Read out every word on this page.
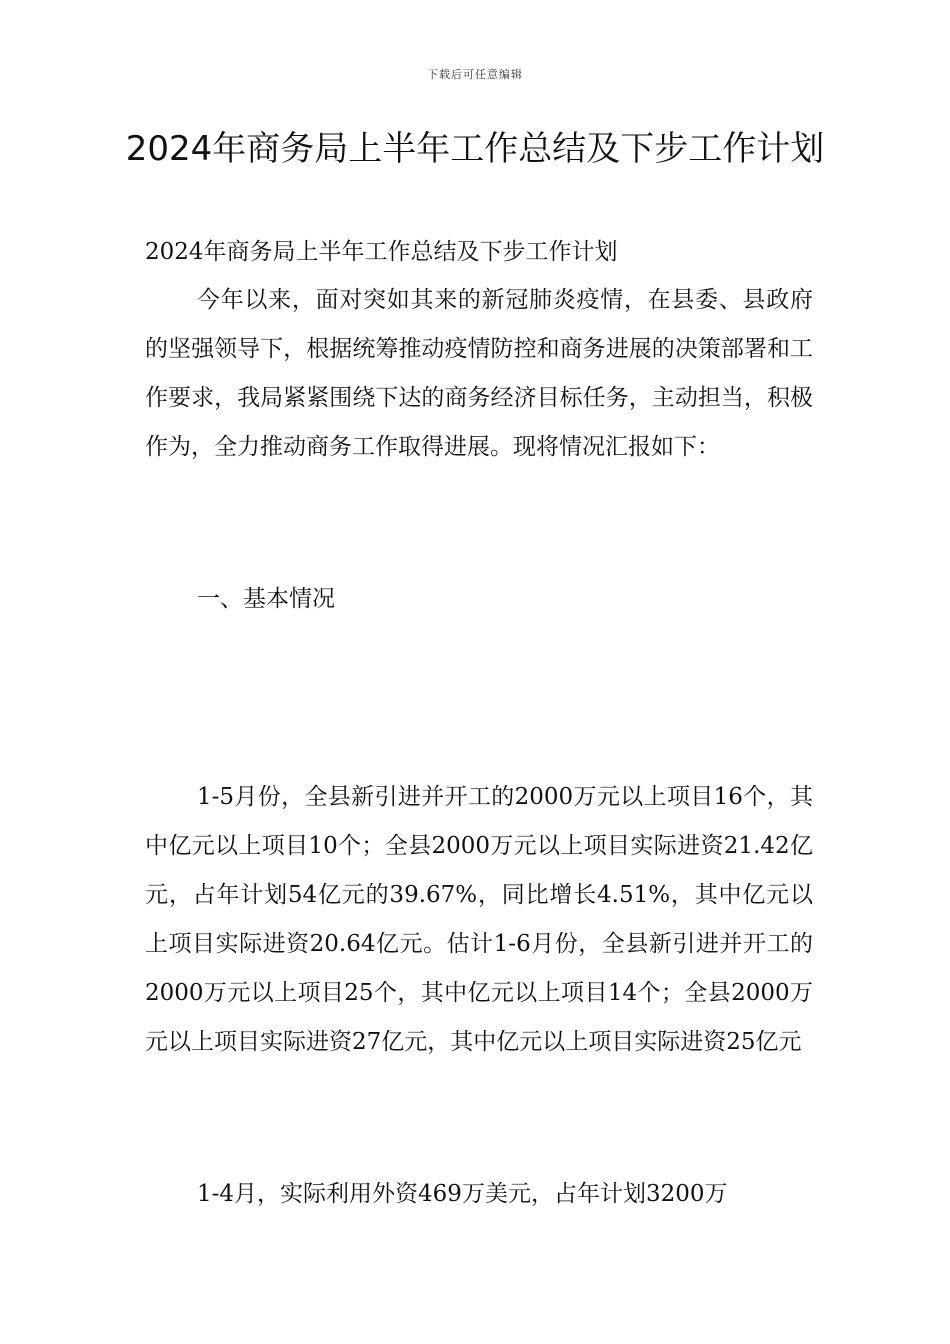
下载后可任意编辑
2024年商务局上半年工作总结及下步工作计划

2024年商务局上半年工作总结及下步工作计划

今年以来，面对突如其来的新冠肺炎疫情，在县委、县政府的坚强领导下，根据统筹推动疫情防控和商务进展的决策部署和工作要求，我局紧紧围绕下达的商务经济目标任务，主动担当，积极作为，全力推动商务工作取得进展。现将情况汇报如下：

一、基本情况

1-5月份，全县新引进并开工的2000万元以上项目16个，其中亿元以上项目10个；全县2000万元以上项目实际进资21.42亿元，占年计划54亿元的39.67%，同比增长4.51%，其中亿元以上项目实际进资20.64亿元。估计1-6月份，全县新引进并开工的2000万元以上项目25个，其中亿元以上项目14个；全县2000万元以上项目实际进资27亿元，其中亿元以上项目实际进资25亿元

1-4月，实际利用外资469万美元，占年计划3200万
